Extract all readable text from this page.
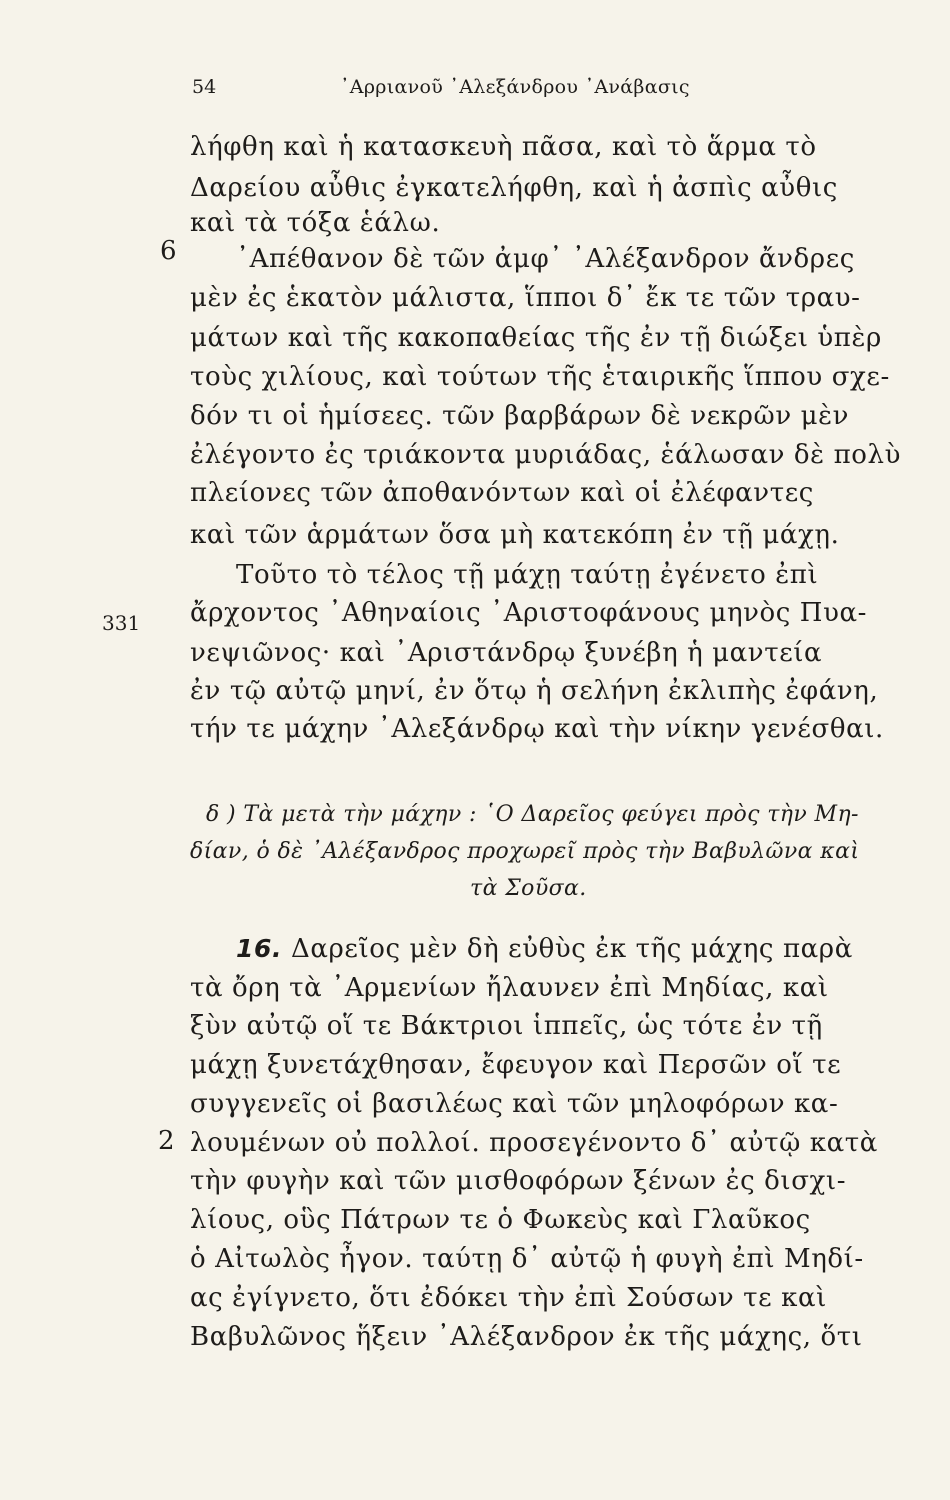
54	᾽Αρριανοῦ ᾽Αλεξάνδρου ᾽Ανάβασις
6
331
2
λήφθη καὶ ἡ κατασκευὴ πᾶσα, καὶ τὸ ἅρμα τὸ
Δαρείου αὖθις ἐγκατελήφθη, καὶ ἡ ἀσπὶς αὖθις
καὶ τὰ τόξα ἑάλω.
᾽Απέθανον δὲ τῶν ἀμφ᾽ ᾽Αλέξανδρον ἄνδρες
μὲν ἐς ἑκατὸν μάλιστα, ἵπποι δ᾽ ἔκ τε τῶν τραυ-
μάτων καὶ τῆς κακοπαθείας τῆς ἐν τῇ διώξει ὑπὲρ
τοὺς χιλίους, καὶ τούτων τῆς ἑταιρικῆς ἵππου σχε-
δόν τι οἱ ἡμίσεες. τῶν βαρβάρων δὲ νεκρῶν μὲν
ἐλέγοντο ἐς τριάκοντα μυριάδας, ἑάλωσαν δὲ πολὺ
πλείονες τῶν ἀποθανόντων καὶ οἱ ἐλέφαντες
καὶ τῶν ἁρμάτων ὅσα μὴ κατεκόπη ἐν τῇ μάχῃ.
Τοῦτο τὸ τέλος τῇ μάχῃ ταύτῃ ἐγένετο ἐπὶ
ἄρχοντος ᾽Αθηναίοις ᾽Αριστοφάνους μηνὸς Πυα-
νεψιῶνος· καὶ ᾽Αριστάνδρῳ ξυνέβη ἡ μαντεία
ἐν τῷ αὐτῷ μηνί, ἐν ὅτῳ ἡ σελήνη ἐκλιπὴς ἐφάνη,
τήν τε μάχην ᾽Αλεξάνδρῳ καὶ τὴν νίκην γενέσθαι.
δ ) Τὰ μετὰ τὴν μάχην : ῾Ο Δαρεῖος φεύγει πρὸς τὴν Μη-
δίαν, ὁ δὲ ᾽Αλέξανδρος προχωρεῖ πρὸς τὴν Βαβυλῶνα καὶ
τὰ Σοῦσα.
16. Δαρεῖος μὲν δὴ εὐθὺς ἐκ τῆς μάχης παρὰ
τὰ ὄρη τὰ ᾽Αρμενίων ἤλαυνεν ἐπὶ Μηδίας, καὶ
ξὺν αὐτῷ οἵ τε Βάκτριοι ἱππεῖς, ὡς τότε ἐν τῇ
μάχῃ ξυνετάχθησαν, ἔφευγον καὶ Περσῶν οἵ τε
συγγενεῖς οἱ βασιλέως καὶ τῶν μηλοφόρων κα-
λουμένων οὐ πολλοί. προσεγένοντο δ᾽ αὐτῷ κατὰ
τὴν φυγὴν καὶ τῶν μισθοφόρων ξένων ἐς δισχι-
λίους, οὓς Πάτρων τε ὁ Φωκεὺς καὶ Γλαῦκος
ὁ Αἰτωλὸς ἦγον. ταύτῃ δ᾽ αὐτῷ ἡ φυγὴ ἐπὶ Μηδί-
ας ἐγίγνετο, ὅτι ἐδόκει τὴν ἐπὶ Σούσων τε καὶ
Βαβυλῶνος ἥξειν ᾽Αλέξανδρον ἐκ τῆς μάχης, ὅτι
